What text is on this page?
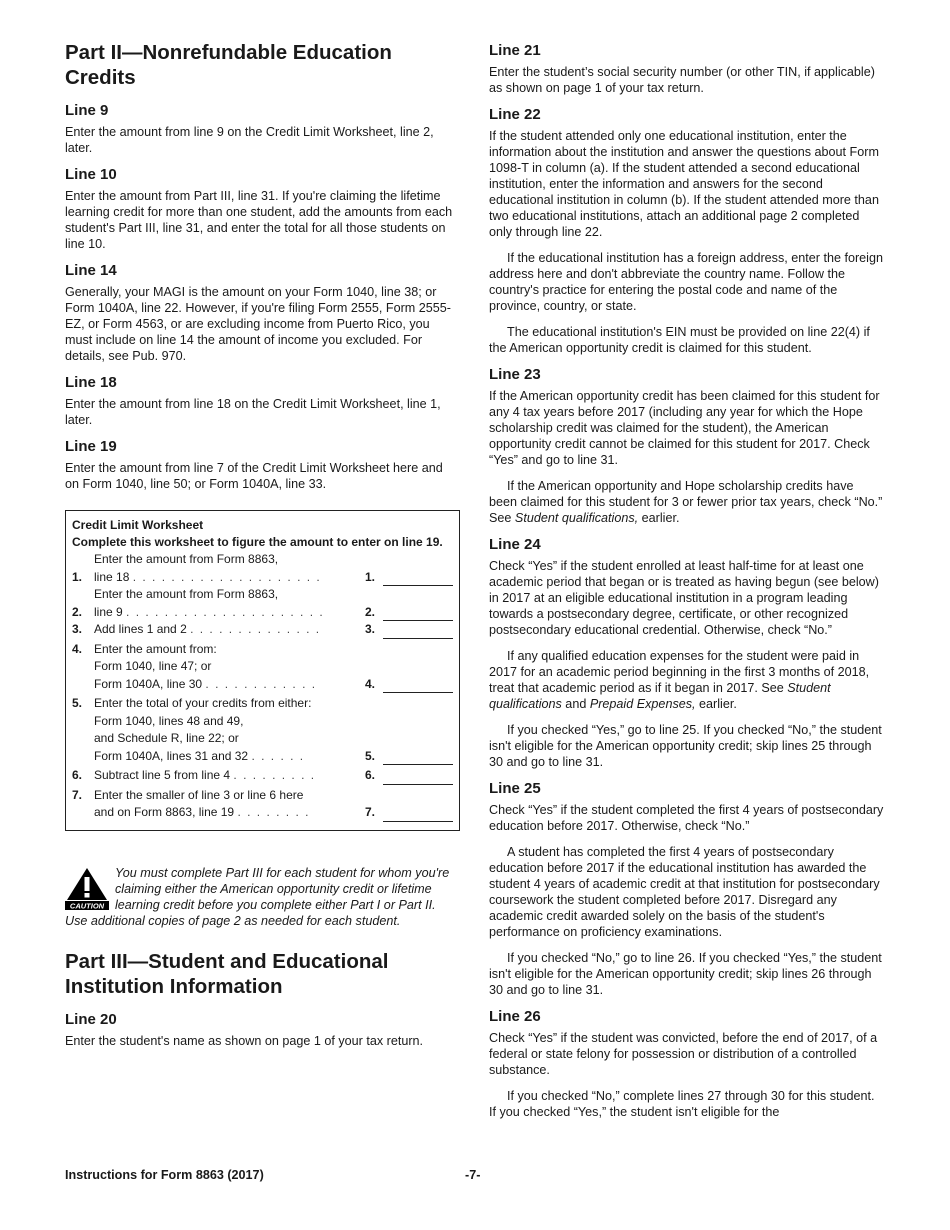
Part II—Nonrefundable Education Credits
Line 9

Enter the amount from line 9 on the Credit Limit Worksheet, line 2, later.

Line 10

Enter the amount from Part III, line 31. If you're claiming the lifetime learning credit for more than one student, add the amounts from each student's Part III, line 31, and enter the total for all those students on line 10.

Line 14

Generally, your MAGI is the amount on your Form 1040, line 38; or Form 1040A, line 22. However, if you're filing Form 2555, Form 2555-EZ, or Form 4563, or are excluding income from Puerto Rico, you must include on line 14 the amount of income you excluded. For details, see Pub. 970.

Line 18

Enter the amount from line 18 on the Credit Limit Worksheet, line 1, later.

Line 19

Enter the amount from line 7 of the Credit Limit Worksheet here and on Form 1040, line 50; or Form 1040A, line 33.

Credit Limit Worksheet
Complete this worksheet to figure the amount to enter on line 19.
1.
Enter the amount from Form 8863,
line 18 . . . . . . . . . . . . . . . . . . . .	1.
2.
Enter the amount from Form 8863,
line 9 . . . . . . . . . . . . . . . . . . . . .	2.
3. Add lines 1 and 2 . . . . . . . . . . . . . .	3.
4. Enter the amount from:
Form 1040, line 47; or
Form 1040A, line 30 . . . . . . . . . . . .	4.
5. Enter the total of your credits from either:
Form 1040, lines 48 and 49,
and Schedule R, line 22; or
Form 1040A, lines 31 and 32 . . . . . .	5.
6. Subtract line 5 from line 4 . . . . . . . . .	6.
7. Enter the smaller of line 3 or line 6 here
and on Form 8863, line 19 . . . . . . . .	7.
CAUTION
You must complete Part III for each student for whom you're claiming either the American opportunity credit or lifetime learning credit before you complete either Part I or Part II. Use additional copies of page 2 as needed for each student.
Part III—Student and Educational Institution Information
Line 20

Enter the student's name as shown on page 1 of your tax return.

Line 21

Enter the student’s social security number (or other TIN, if applicable) as shown on page 1 of your tax return.

Line 22

If the student attended only one educational institution, enter the information about the institution and answer the questions about Form 1098-T in column (a). If the student attended a second educational institution, enter the information and answers for the second educational institution in column (b). If the student attended more than two educational institutions, attach an additional page 2 completed only through line 22.

If the educational institution has a foreign address, enter the foreign address here and don't abbreviate the country name. Follow the country's practice for entering the postal code and name of the province, country, or state.

The educational institution's EIN must be provided on line 22(4) if the American opportunity credit is claimed for this student.

Line 23

If the American opportunity credit has been claimed for this student for any 4 tax years before 2017 (including any year for which the Hope scholarship credit was claimed for the student), the American opportunity credit cannot be claimed for this student for 2017. Check “Yes” and go to line 31.

If the American opportunity and Hope scholarship credits have been claimed for this student for 3 or fewer prior tax years, check “No.” See Student qualifications, earlier.

Line 24

Check “Yes” if the student enrolled at least half-time for at least one academic period that began or is treated as having begun (see below) in 2017 at an eligible educational institution in a program leading towards a postsecondary degree, certificate, or other recognized postsecondary educational credential. Otherwise, check “No.”

If any qualified education expenses for the student were paid in 2017 for an academic period beginning in the first 3 months of 2018, treat that academic period as if it began in 2017. See Student qualifications and Prepaid Expenses, earlier.

If you checked “Yes,” go to line 25. If you checked “No,” the student isn't eligible for the American opportunity credit; skip lines 25 through 30 and go to line 31.

Line 25

Check “Yes” if the student completed the first 4 years of postsecondary education before 2017. Otherwise, check “No.”

A student has completed the first 4 years of postsecondary education before 2017 if the educational institution has awarded the student 4 years of academic credit at that institution for postsecondary coursework the student completed before 2017. Disregard any academic credit awarded solely on the basis of the student's performance on proficiency examinations.

If you checked “No,” go to line 26. If you checked “Yes,” the student isn't eligible for the American opportunity credit; skip lines 26 through 30 and go to line 31.

Line 26

Check “Yes” if the student was convicted, before the end of 2017, of a federal or state felony for possession or distribution of a controlled substance.

If you checked “No,” complete lines 27 through 30 for this student. If you checked “Yes,” the student isn't eligible for the

Instructions for Form 8863 (2017)	-7-
